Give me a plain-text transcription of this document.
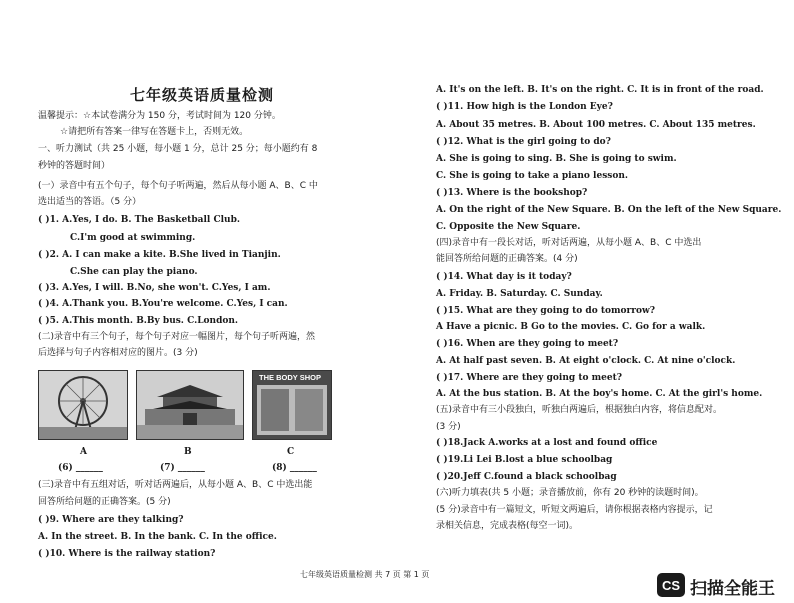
七年级英语质量检测
温馨提示：☆本试卷满分为 150 分，考试时间为 120 分钟。
☆请把所有答案一律写在答题卡上，否则无效。
一、听力测试（共 25 小题，每小题 1 分，总计 25 分；每小题约有 8
秒钟的答题时间）
(一）录音中有五个句子，每个句子听两遍，然后从每小题 A、B、C 中
选出适当的答语。（5 分）
( )1. A.Yes, I do. B. The Basketball Club.
C.I'm good at swimming.
( )2. A. I can make a kite. B.She lived in Tianjin.
C.She can play the piano.
( )3. A.Yes, I will. B.No, she won't. C.Yes, I am.
( )4. A.Thank you. B.You're welcome. C.Yes, I can.
( )5. A.This month. B.By bus. C.London.
(二)录音中有三个句子，每个句子对应一幅图片，每个句子听两遍，然
后选择与句子内容相对应的图片。(3 分)
THE BODY SHOP
A	B	C
(6) ______	(7) ______	(8) ______
(三)录音中有五组对话，听对话两遍后，从每小题 A、B、C 中选出能
回答所给问题的正确答案。(5 分)
( )9. Where are they talking?
A. In the street. B. In the bank. C. In the office.
( )10. Where is the railway station?
A. It's on the left. B. It's on the right. C. It is in front of the road.
( )11. How high is the London Eye?
A. About 35 metres. B. About 100 metres. C. About 135 metres.
( )12. What is the girl going to do?
A. She is going to sing. B. She is going to swim.
C. She is going to take a piano lesson.
( )13. Where is the bookshop?
A. On the right of the New Square. B. On the left of the New Square.
C. Opposite the New Square.
(四)录音中有一段长对话，听对话两遍，从每小题 A、B、C 中选出
能回答所给问题的正确答案。(4 分)
( )14. What day is it today?
A. Friday. B. Saturday. C. Sunday.
( )15. What are they going to do tomorrow?
A Have a picnic. B Go to the movies. C. Go for a walk.
( )16. When are they going to meet?
A. At half past seven. B. At eight o'clock. C. At nine o'clock.
( )17. Where are they going to meet?
A. At the bus station. B. At the boy's home. C. At the girl's home.
(五)录音中有三小段独白，听独白两遍后，根据独白内容，将信息配对。
(3 分)
( )18.Jack A.works at a lost and found office
( )19.Li Lei B.lost a blue schoolbag
( )20.Jeff C.found a black schoolbag
(六)听力填表(共 5 小题；录音播放前，你有 20 秒钟的读题时间)。
(5 分)录音中有一篇短文，听短文两遍后，请你根据表格内容提示，记
录相关信息，完成表格(每空一词)。
七年级英语质量检测 共 7 页 第 1 页
CS 扫描全能王
